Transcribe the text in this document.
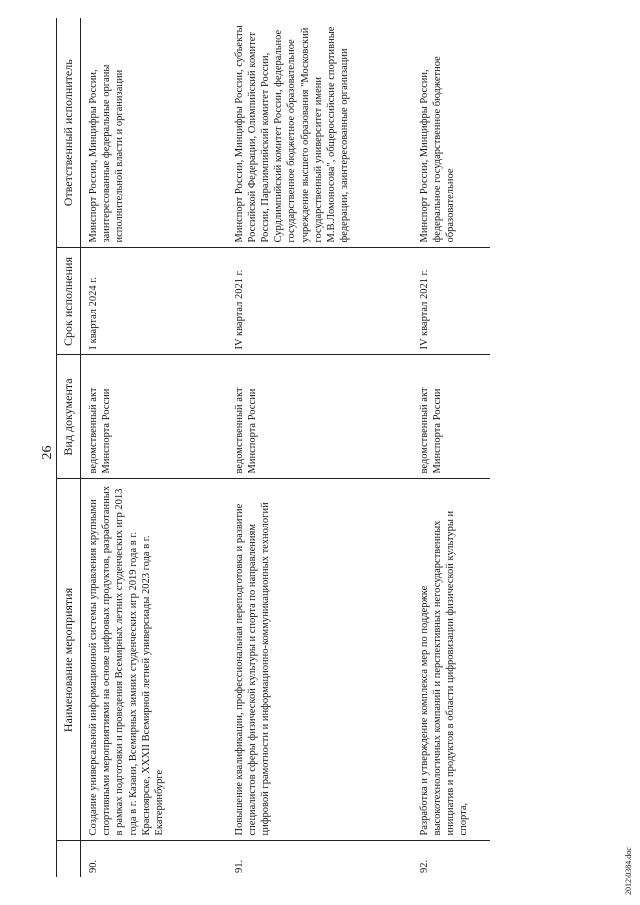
26
	Наименование мероприятия	Вид документа	Срок исполнения	Ответственный исполнитель
90.	Создание универсальной информационной системы управления крупными спортивными мероприятиями на основе цифровых продуктов, разработанных в рамках подготовки и проведения Всемирных летних студенческих игр 2013 года в г. Казани, Всемирных зимних студенческих игр 2019 года в г. Красноярске, XXXII Всемирной летней универсиады 2023 года в г. Екатеринбурге	ведомственный акт Минспорта России	I квартал 2024 г.	Минспорт России, Минцифры России, заинтересованные федеральные органы исполнительной власти и организации
91.	Повышение квалификации, профессиональная переподготовка и развитие специалистов сферы физической культуры и спорта по направлениям цифровой грамотности и информационно-коммуникационных технологий	ведомственный акт Минспорта России	IV квартал 2021 г.	Минспорт России, Минцифры России, субъекты Российской Федерации, Олимпийский комитет России, Паралимпийский комитет России, Сурдлимпийский комитет России, федеральное государственное бюджетное образовательное учреждение высшего образования "Московский государственный университет имени М.В.Ломоносова", общероссийские спортивные федерации, заинтересованные организации
92.	Разработка и утверждение комплекса мер по поддержке высокотехнологичных компаний и перспективных негосударственных инициатив и продуктов в области цифровизации физической культуры и спорта,	ведомственный акт Минспорта России	IV квартал 2021 г.	Минспорт России, Минцифры России, федеральное государственное бюджетное образовательное
2012\0384.doc
